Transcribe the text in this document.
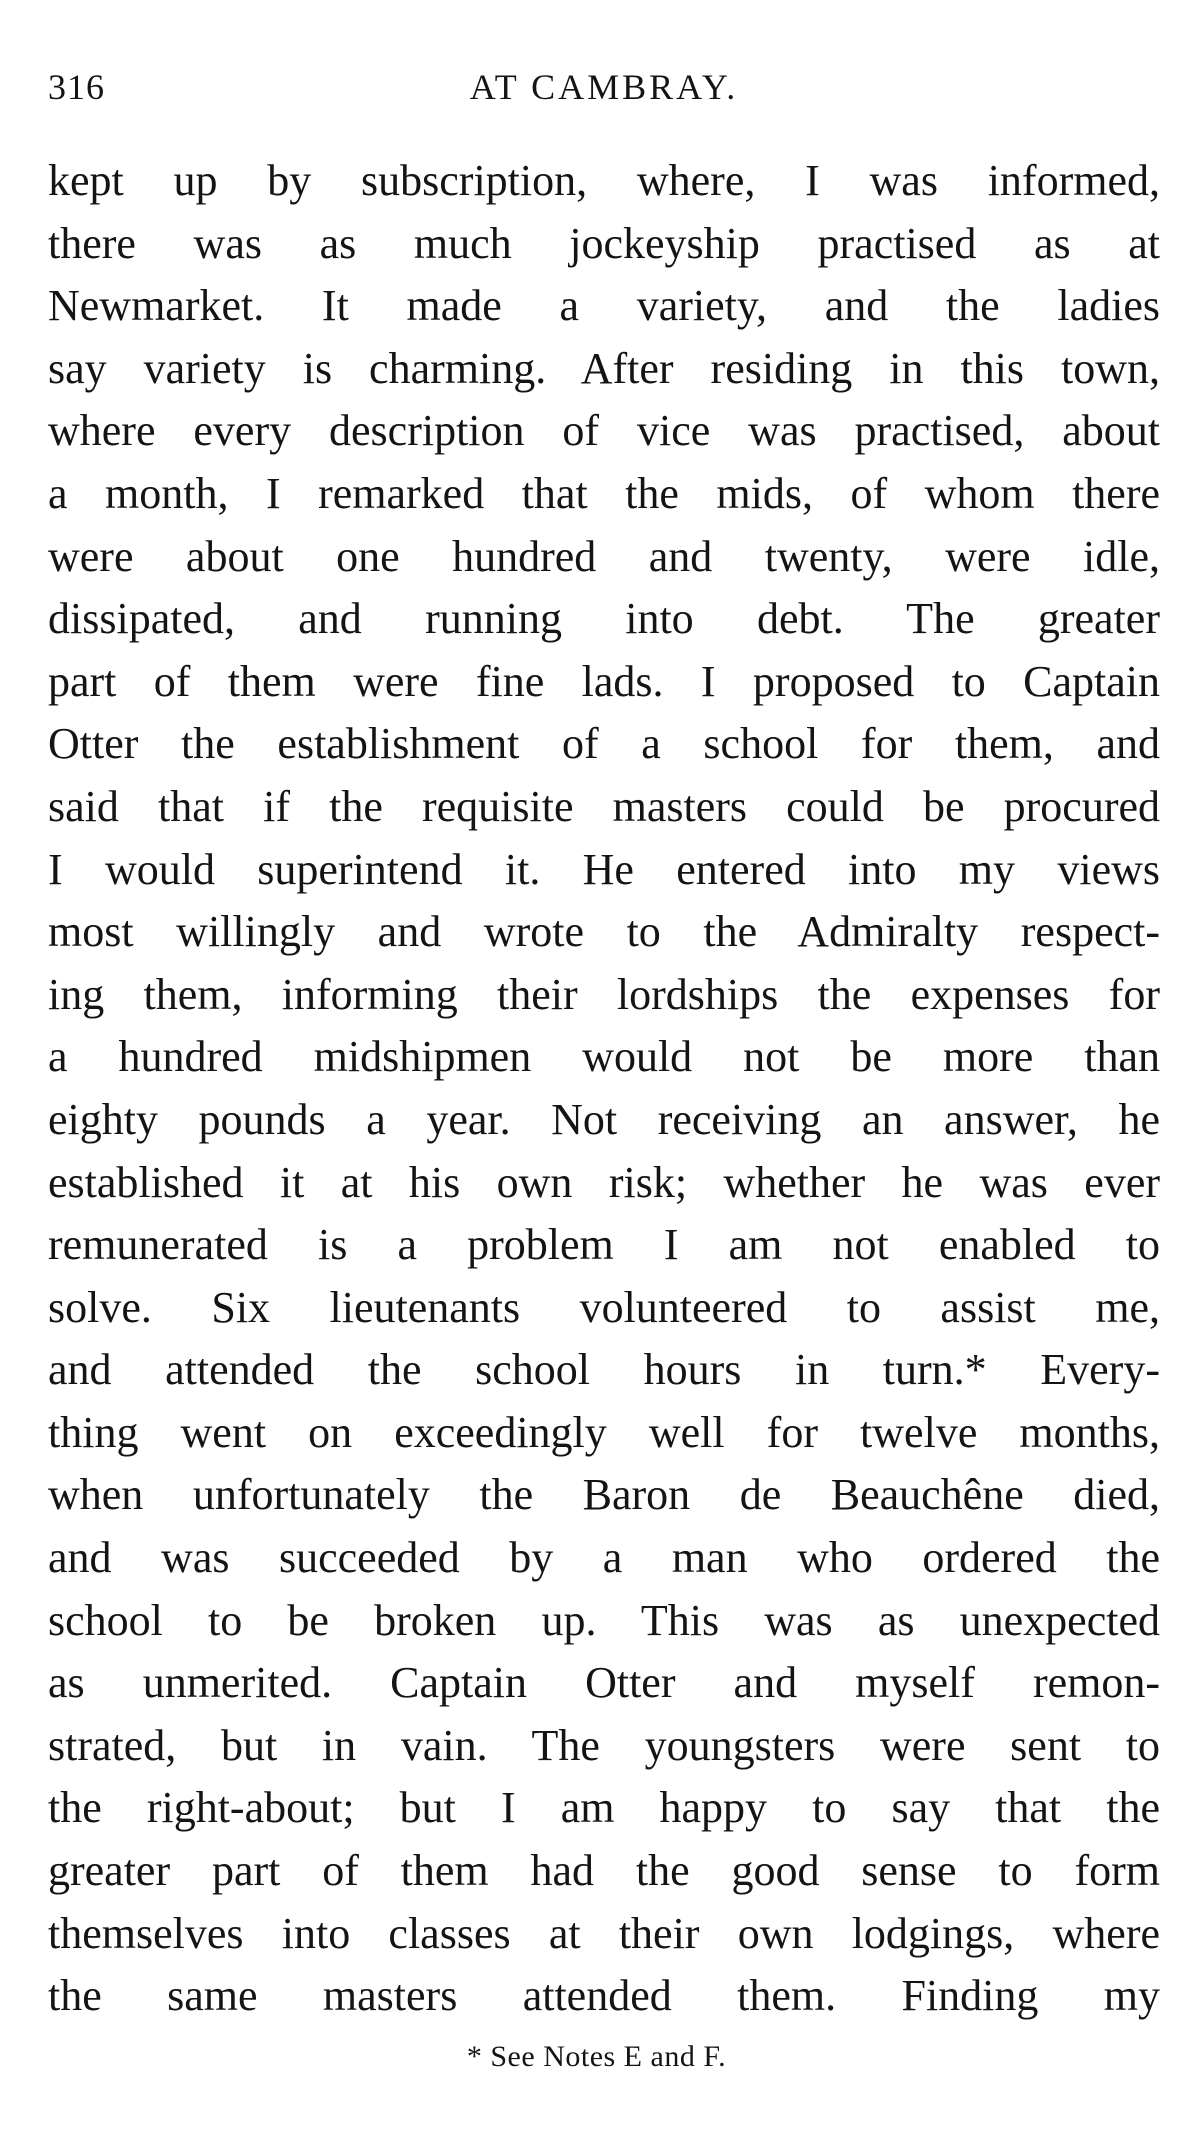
316	AT CAMBRAY.
kept up by subscription, where, I was informed,
there was as much jockeyship practised as at
Newmarket. It made a variety, and the ladies
say variety is charming. After residing in this town,
where every description of vice was practised, about
a month, I remarked that the mids, of whom there
were about one hundred and twenty, were idle,
dissipated, and running into debt. The greater
part of them were fine lads. I proposed to Captain
Otter the establishment of a school for them, and
said that if the requisite masters could be procured
I would superintend it. He entered into my views
most willingly and wrote to the Admiralty respect-
ing them, informing their lordships the expenses for
a hundred midshipmen would not be more than
eighty pounds a year. Not receiving an answer, he
established it at his own risk; whether he was ever
remunerated is a problem I am not enabled to
solve. Six lieutenants volunteered to assist me,
and attended the school hours in turn.* Every-
thing went on exceedingly well for twelve months,
when unfortunately the Baron de Beauchêne died,
and was succeeded by a man who ordered the
school to be broken up. This was as unexpected
as unmerited. Captain Otter and myself remon-
strated, but in vain. The youngsters were sent to
the right-about; but I am happy to say that the
greater part of them had the good sense to form
themselves into classes at their own lodgings, where
the same masters attended them. Finding my
* See Notes E and F.
